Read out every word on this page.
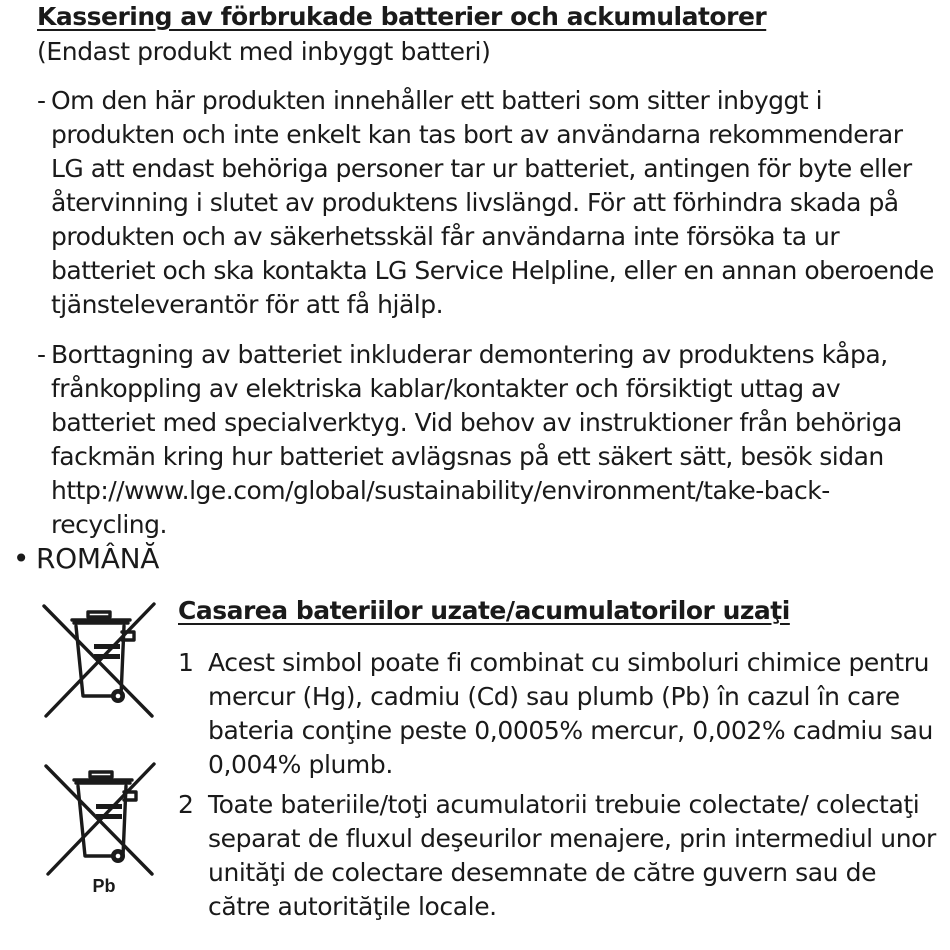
Kassering av förbrukade batterier och ackumulatorer
(Endast produkt med inbyggt batteri)
- Om den här produkten innehåller ett batteri som sitter inbyggt i produkten och inte enkelt kan tas bort av användarna rekommenderar LG att endast behöriga personer tar ur batteriet, antingen för byte eller återvinning i slutet av produktens livslängd. För att förhindra skada på produkten och av säkerhetsskäl får användarna inte försöka ta ur batteriet och ska kontakta LG Service Helpline, eller en annan oberoende tjänsteleverantör för att få hjälp.
- Borttagning av batteriet inkluderar demontering av produktens kåpa, frånkoppling av elektriska kablar/kontakter och försiktigt uttag av batteriet med specialverktyg. Vid behov av instruktioner från behöriga fackmän kring hur batteriet avlägsnas på ett säkert sätt, besök sidan http://www.lge.com/global/sustainability/environment/take-back-recycling.
• ROMÂNĂ
Pb
Casarea bateriilor uzate/acumulatorilor uzaţi
1 Acest simbol poate fi combinat cu simboluri chimice pentru mercur (Hg), cadmiu (Cd) sau plumb (Pb) în cazul în care bateria conţine peste 0,0005% mercur, 0,002% cadmiu sau 0,004% plumb.
2 Toate bateriile/toţi acumulatorii trebuie colectate/ colectaţi separat de fluxul deşeurilor menajere, prin intermediul unor unităţi de colectare desemnate de către guvern sau de către autorităţile locale.
